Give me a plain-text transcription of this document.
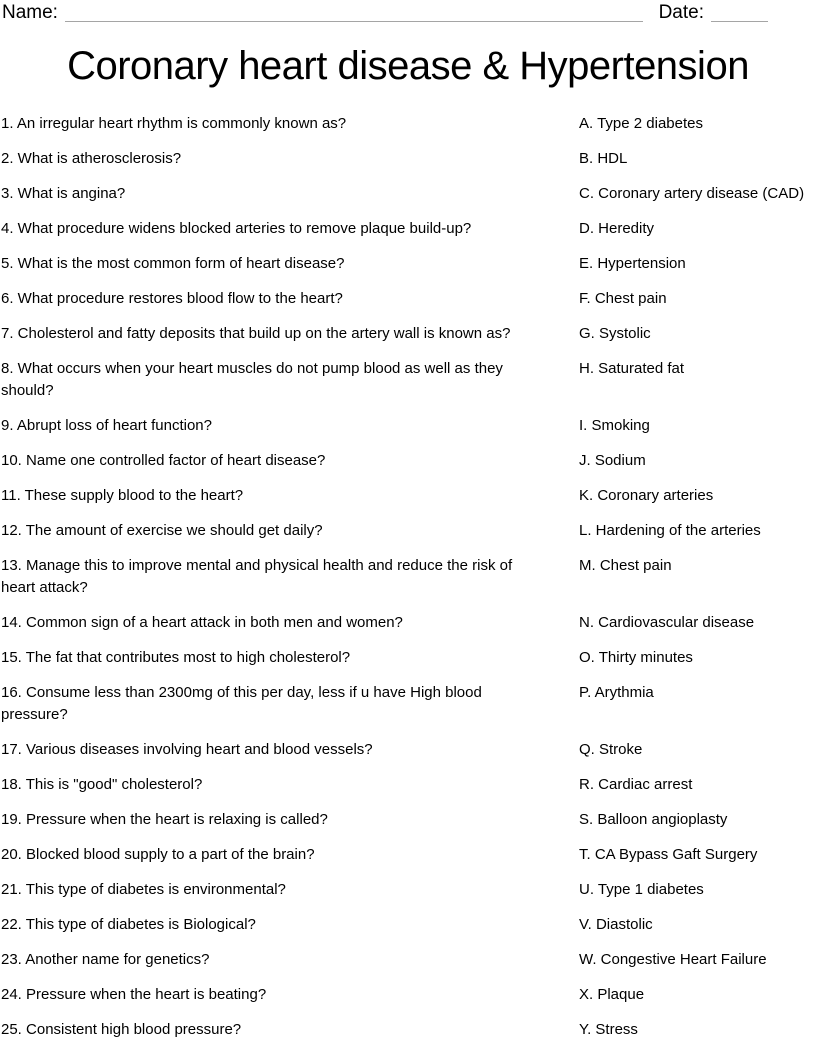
Name:	Date:
Coronary heart disease & Hypertension
1. An irregular heart rhythm is commonly known as?	A. Type 2 diabetes
2. What is atherosclerosis?	B. HDL
3. What is angina?	C. Coronary artery disease (CAD)
4. What procedure widens blocked arteries to remove plaque build-up?	D. Heredity
5. What is the most common form of heart disease?	E. Hypertension
6. What procedure restores blood flow to the heart?	F. Chest pain
7. Cholesterol and fatty deposits that build up on the artery wall is known as?	G. Systolic
8. What occurs when your heart muscles do not pump blood as well as they should?
H. Saturated fat
9. Abrupt loss of heart function?	I. Smoking
10. Name one controlled factor of heart disease?	J. Sodium
11. These supply blood to the heart?	K. Coronary arteries
12. The amount of exercise we should get daily?	L. Hardening of the arteries
13. Manage this to improve mental and physical health and reduce the risk of heart attack?
M. Chest pain
14. Common sign of a heart attack in both men and women?	N. Cardiovascular disease
15. The fat that contributes most to high cholesterol?	O. Thirty minutes
16. Consume less than 2300mg of this per day, less if u have High blood pressure?
P. Arythmia
17. Various diseases involving heart and blood vessels?	Q. Stroke
18. This is "good" cholesterol?	R. Cardiac arrest
19. Pressure when the heart is relaxing is called?	S. Balloon angioplasty
20. Blocked blood supply to a part of the brain?	T. CA Bypass Gaft Surgery
21. This type of diabetes is environmental?	U. Type 1 diabetes
22. This type of diabetes is Biological?	V. Diastolic
23. Another name for genetics?	W. Congestive Heart Failure
24. Pressure when the heart is beating?	X. Plaque
25. Consistent high blood pressure?	Y. Stress
